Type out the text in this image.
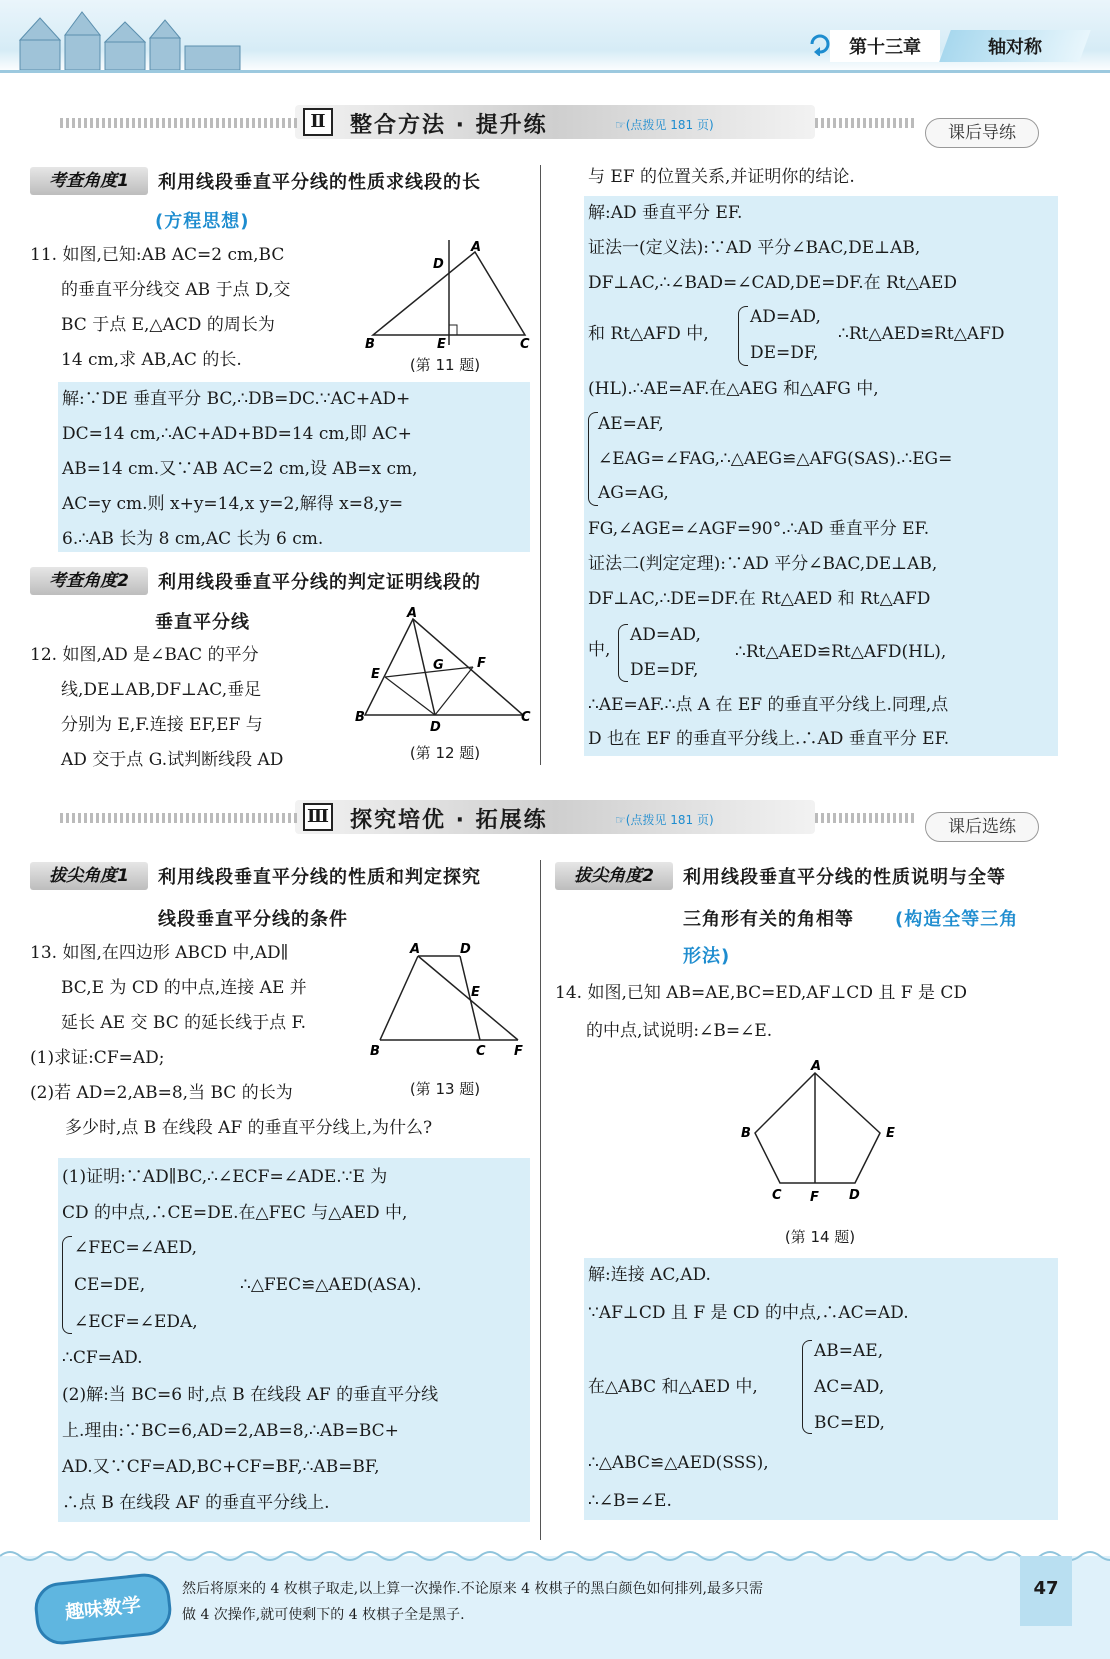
第十三章	轴对称
Ⅱ	整合方法 · 提升练	☞(点拨见 181 页)	课后导练
考查角度1	利用线段垂直平分线的性质求线段的长
(方程思想)
11. 如图,已知:AB AC=2 cm,BC
的垂直平分线交 AB 于点 D,交
BC 于点 E,△ACD 的周长为
14 cm,求 AB,AC 的长.
A
B	C
D
E
(第 11 题)
解:∵DE 垂直平分 BC,∴DB=DC.∵AC+AD+
DC=14 cm,∴AC+AD+BD=14 cm,即 AC+
AB=14 cm.又∵AB AC=2 cm,设 AB=x cm,
AC=y cm.则 x+y=14,x y=2,解得 x=8,y=
6.∴AB 长为 8 cm,AC 长为 6 cm.
考查角度2	利用线段垂直平分线的判定证明线段的
垂直平分线
12. 如图,AD 是∠BAC 的平分
线,DE⊥AB,DF⊥AC,垂足
分别为 E,F.连接 EF,EF 与
AD 交于点 G.试判断线段 AD
A
B	C
D
E
F
G
(第 12 题)
与 EF 的位置关系,并证明你的结论.
解:AD 垂直平分 EF.
证法一(定义法):∵AD 平分∠BAC,DE⊥AB,
DF⊥AC,∴∠BAD=∠CAD,DE=DF.在 Rt△AED
和 Rt△AFD 中,
AD=AD,
DE=DF,
∴Rt△AED≌Rt△AFD
(HL).∴AE=AF.在△AEG 和△AFG 中,
AE=AF,
∠EAG=∠FAG,∴△AEG≌△AFG(SAS).∴EG=
AG=AG,
FG,∠AGE=∠AGF=90°.∴AD 垂直平分 EF.
证法二(判定定理):∵AD 平分∠BAC,DE⊥AB,
DF⊥AC,∴DE=DF.在 Rt△AED 和 Rt△AFD
中,
AD=AD,
DE=DF,
∴Rt△AED≌Rt△AFD(HL),
∴AE=AF.∴点 A 在 EF 的垂直平分线上.同理,点
D 也在 EF 的垂直平分线上.∴AD 垂直平分 EF.
Ⅲ 探究培优 · 拓展练	☞(点拨见 181 页)	课后选练
拔尖角度1	利用线段垂直平分线的性质和判定探究
线段垂直平分线的条件
13. 如图,在四边形 ABCD 中,AD∥
BC,E 为 CD 的中点,连接 AE 并
延长 AE 交 BC 的延长线于点 F.
(1)求证:CF=AD;
(2)若 AD=2,AB=8,当 BC 的长为
多少时,点 B 在线段 AF 的垂直平分线上,为什么?
A	D
E
B	C F
(第 13 题)
(1)证明:∵AD∥BC,∴∠ECF=∠ADE.∵E 为
CD 的中点,∴CE=DE.在△FEC 与△AED 中,
∠FEC=∠AED,
CE=DE,
∠ECF=∠EDA,
∴△FEC≌△AED(ASA).
∴CF=AD.
(2)解:当 BC=6 时,点 B 在线段 AF 的垂直平分线
上.理由:∵BC=6,AD=2,AB=8,∴AB=BC+
AD.又∵CF=AD,BC+CF=BF,∴AB=BF,
∴点 B 在线段 AF 的垂直平分线上.
拔尖角度2	利用线段垂直平分线的性质说明与全等
三角形有关的角相等 (构造全等三角
形法)
14. 如图,已知 AB=AE,BC=ED,AF⊥CD 且 F 是 CD
的中点,试说明:∠B=∠E.
A
B	E
C F D
(第 14 题)
解:连接 AC,AD.
∵AF⊥CD 且 F 是 CD 的中点,∴AC=AD.
在△ABC 和△AED 中,
AB=AE,
AC=AD,
BC=ED,
∴△ABC≌△AED(SSS),
∴∠B=∠E.
趣味数学
然后将原来的 4 枚棋子取走,以上算一次操作.不论原来 4 枚棋子的黑白颜色如何排列,最多只需
做 4 次操作,就可使剩下的 4 枚棋子全是黑子.
47
